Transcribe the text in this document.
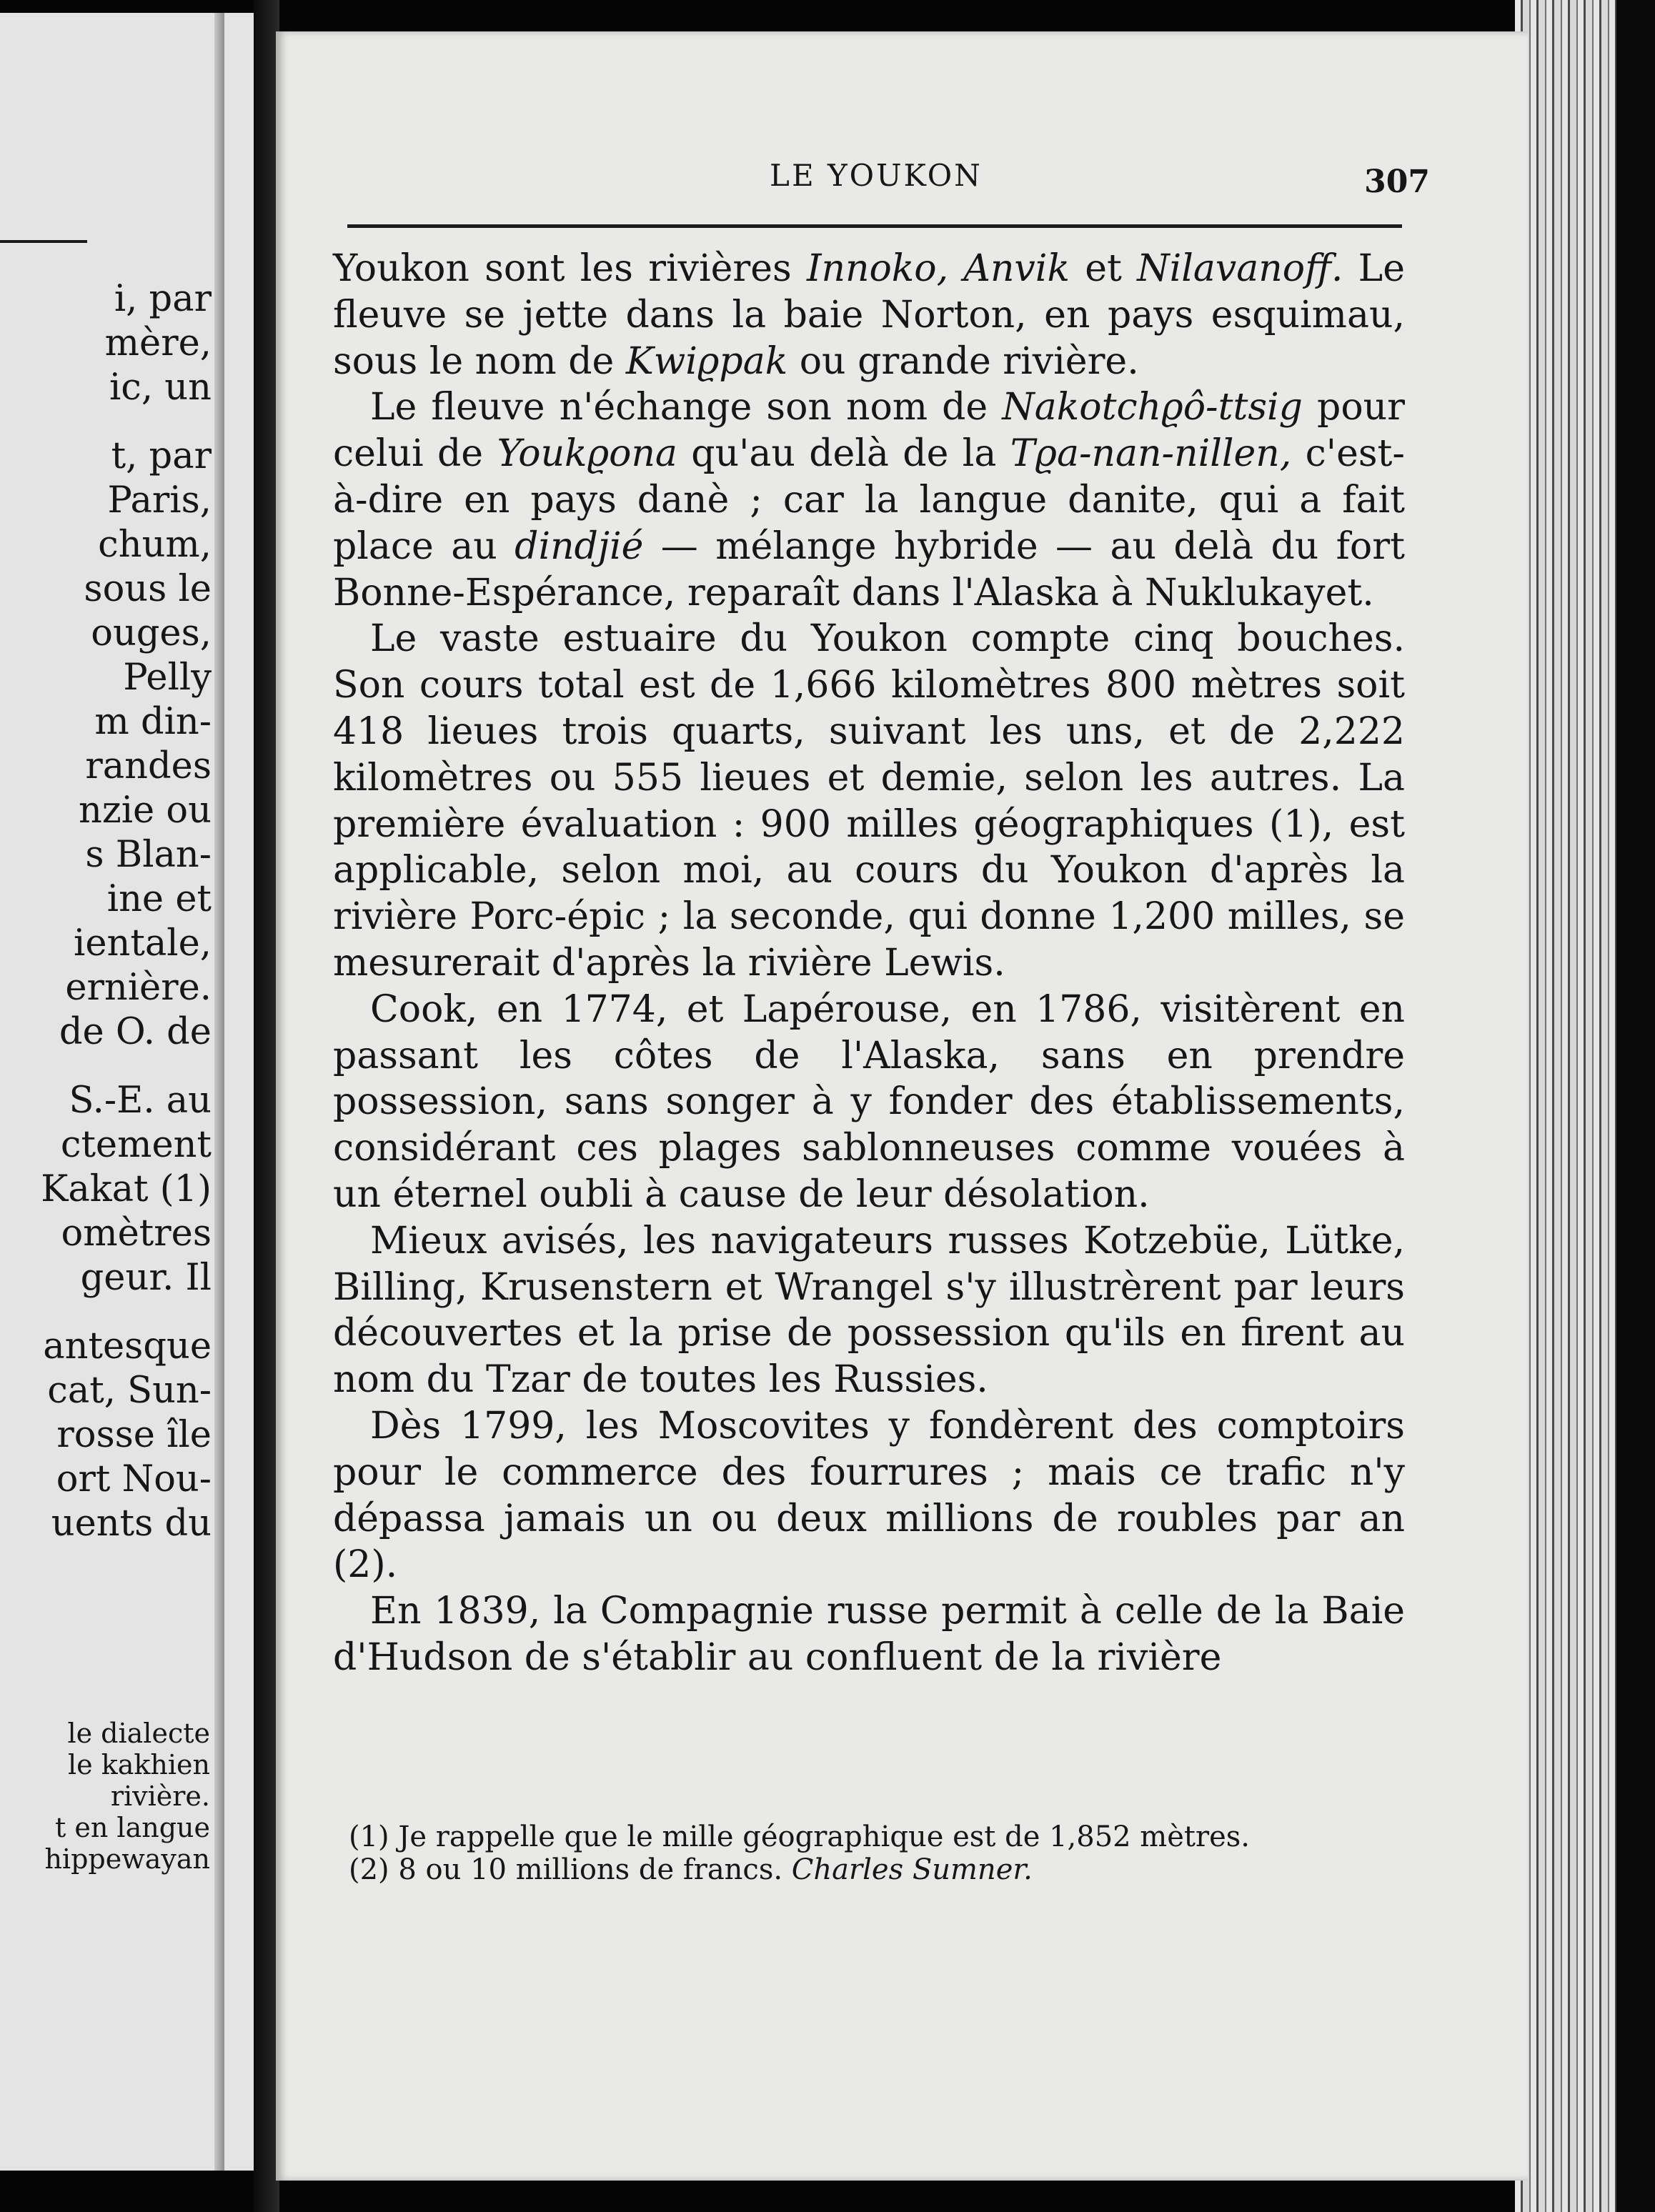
i, par
mère,
ic, un
t, par
Paris,
chum,
sous le
ouges,
Pelly
m din-
randes
nzie ou
s Blan-
ine et
ientale,
ernière.
de O. de
S.-E. au
ctement
Kakat (1)
omètres
geur. Il
antesque
cat, Sun-
rosse île
ort Nou-
uents du
le dialecte
le kakhien
rivière.
t en langue
hippewayan
LE YOUKON	307

Youkon sont les rivières Innoko, Anvik et Nilavanoff. Le fleuve se jette dans la baie Norton, en pays esquimau, sous le nom de Kwiϱpak ou grande rivière.

Le fleuve n'échange son nom de Nakotchϱô-ttsig pour celui de Youkϱona qu'au delà de la Tϱa-nan-nillen, c'est-à-dire en pays danè ; car la langue danite, qui a fait place au dindjié — mélange hybride — au delà du fort Bonne-Espérance, reparaît dans l'Alaska à Nuklukayet.

Le vaste estuaire du Youkon compte cinq bouches. Son cours total est de 1,666 kilomètres 800 mètres soit 418 lieues trois quarts, suivant les uns, et de 2,222 kilomètres ou 555 lieues et demie, selon les autres. La première évaluation : 900 milles géographiques (1), est applicable, selon moi, au cours du Youkon d'après la rivière Porc-épic ; la seconde, qui donne 1,200 milles, se mesurerait d'après la rivière Lewis.

Cook, en 1774, et Lapérouse, en 1786, visitèrent en passant les côtes de l'Alaska, sans en prendre possession, sans songer à y fonder des établissements, considérant ces plages sablonneuses comme vouées à un éternel oubli à cause de leur désolation.

Mieux avisés, les navigateurs russes Kotzebüe, Lütke, Billing, Krusenstern et Wrangel s'y illustrèrent par leurs découvertes et la prise de possession qu'ils en firent au nom du Tzar de toutes les Russies.

Dès 1799, les Moscovites y fondèrent des comptoirs pour le commerce des fourrures ; mais ce trafic n'y dépassa jamais un ou deux millions de roubles par an (2).

En 1839, la Compagnie russe permit à celle de la Baie d'Hudson de s'établir au confluent de la rivière

(1) Je rappelle que le mille géographique est de 1,852 mètres.

(2) 8 ou 10 millions de francs. Charles Sumner.
